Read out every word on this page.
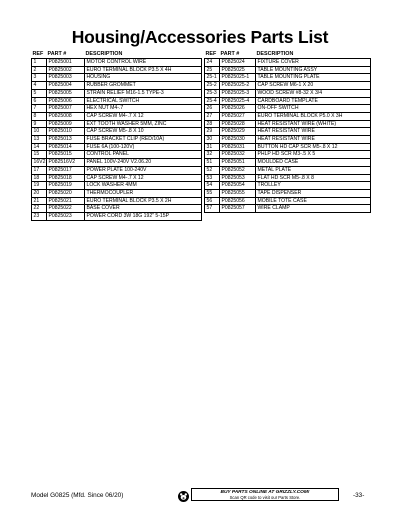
Housing/Accessories Parts List
REF	PART #	DESCRIPTION
1	P0825001	MOTOR CONTROL WIRE
2	P0825002	EURO TERMINAL BLOCK P3.5 X 4H
3	P0825003	HOUSING
4	P0825004	RUBBER GROMMET
5	P0825005	STRAIN RELIEF M16-1.5 TYPE-3
6	P0825006	ELECTRICAL SWITCH
7	P0825007	HEX NUT M4-.7
8	P0825008	CAP SCREW M4-.7 X 12
9	P0825009	EXT TOOTH WASHER 5MM, ZINC
10	P0825010	CAP SCREW M5-.8 X 10
13	P0825013	FUSE BRACKET CLIP (RED/10A)
14	P0825014	FUSE 6A (100-120V)
15	P0825015	CONTROL PANEL
16V2	P082516V2	PANEL 100V-240V V2.06.20
17	P0825017	POWER PLATE 100-240V
18	P0825018	CAP SCREW M4-.7 X 12
19	P0825019	LOCK WASHER 4MM
20	P0825020	THERMOCOUPLER
21	P0825021	EURO TERMINAL BLOCK P3.5 X 2H
22	P0825022	BASE COVER
23	P0825023	POWER CORD 3W 18G 192" 5-15P
REF	PART #	DESCRIPTION
24	P0825024	FIXTURE COVER
25	P0825025	TABLE MOUNTING ASSY
25-1	P0825025-1	TABLE MOUNTING PLATE
25-2	P0825025-2	CAP SCREW M6-1 X 20
25-3	P0825025-3	WOOD SCREW #8-32 X 3/4
25-4	P0825025-4	CARDBOARD TEMPLATE
26	P0825026	ON-OFF SWITCH
27	P0825027	EURO TERMINAL BLOCK P5.0 X 3H
28	P0825028	HEAT RESISTANT WIRE (WHITE)
29	P0825029	HEAT RESISTANT WIRE
30	P0825030	HEAT RESISTANT WIRE
31	P0825031	BUTTON HD CAP SCR M5-.8 X 12
32	P0825032	PHLP HD SCR M3-.5 X 5
51	P0825051	MOULDED CASE
52	P0825052	METAL PLATE
53	P0825053	FLAT HD SCR M5-.8 X 8
54	P0825054	TROLLEY
55	P0825055	TAPE DISPENSER
56	P0825056	MOBILE TOTE CASE
57	P0825057	WIRE CLAMP
Model G0825 (Mfd. Since 06/20)	BUY PARTS ONLINE AT GRIZZLY.COM!
Scan QR code to visit our Parts Store.	-33-
